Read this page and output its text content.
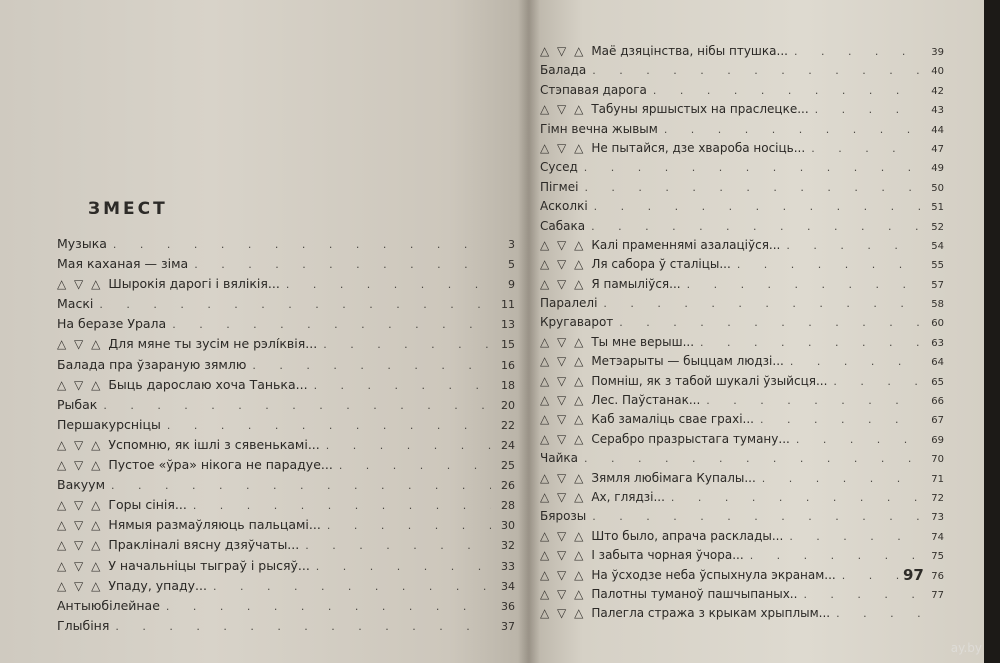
ЗМЕСТ
Музыка . . .	3
Мая каханая — зіма . . .	5
△ ▽ △ Шырокія дарогі і вялікія... . . .	9
Маскі . . .	11
На беразе Урала . . .	13
△ ▽ △ Для мяне ты зусім не рэлíквія... . . .	15
Балада пра ўзараную зямлю . . .	16
△ ▽ △ Быць дарослаю хоча Танька... . . .	18
Рыбак . . .	20
Першакурсніцы . . .	22
△ ▽ △ Успомню, як ішлі з сявенькамі... . . .	24
△ ▽ △ Пустое «ўра» нікога не парадуе... . . .	25
Вакуум . . .	26
△ ▽ △ Горы сінія... . . .	28
△ ▽ △ Нямыя размаўляюць пальцамі... . . .	30
△ ▽ △ Пракліналі вясну дзяўчаты... . . .	32
△ ▽ △ У начальніцы тыграў і рысяў... . . .	33
△ ▽ △ Упаду, упаду... . . .	34
Антыюбілейнае . . .	36
Глыбіня . . .	37
△ ▽ △ Маё дзяцінства, нібы птушка... . . .	39
Балада . . .	40
Стэпавая дарога . . .	42
△ ▽ △ Табуны яршыстых на праслецке... . . .	43
Гімн вечна жывым . . .	44
△ ▽ △ Не пытайся, дзе хвароба носіць... . . .	47
Сусед . . .	49
Пігмеі . . .	50
Асколкі . . .	51
Сабака . . .	52
△ ▽ △ Калі праменнямі азалаціўся... . . .	54
△ ▽ △ Ля сабора ў сталіцы... . . .	55
△ ▽ △ Я памыліўся... . . .	57
Паралелі . . .	58
Кругаварот . . .	60
△ ▽ △ Ты мне верыш... . . .	63
△ ▽ △ Метэарыты — быццам людзі... . . .	64
△ ▽ △ Помніш, як з табой шукалі ўзыйсця... . . .	65
△ ▽ △ Лес. Паўстанак... . . .	66
△ ▽ △ Каб замаліць свае грахі... . . .	67
△ ▽ △ Серабро празрыстага туману... . . .	69
Чайка . . .	70
△ ▽ △ Зямля любімага Купалы... . . .	71
△ ▽ △ Ах, глядзі... . . .	72
Бярозы . . .	73
△ ▽ △ Што было, апрача расклады... . . .	74
△ ▽ △ І забыта чорная ўчора... . . .	75
△ ▽ △ На ўсходзе неба ўспыхнула экранам... . . .	76
△ ▽ △ Палотны туманоў пашчыпаных.. . . .	77
△ ▽ △ Палегла стража з крыкам хрыплым...
. . .
97
ay.by
